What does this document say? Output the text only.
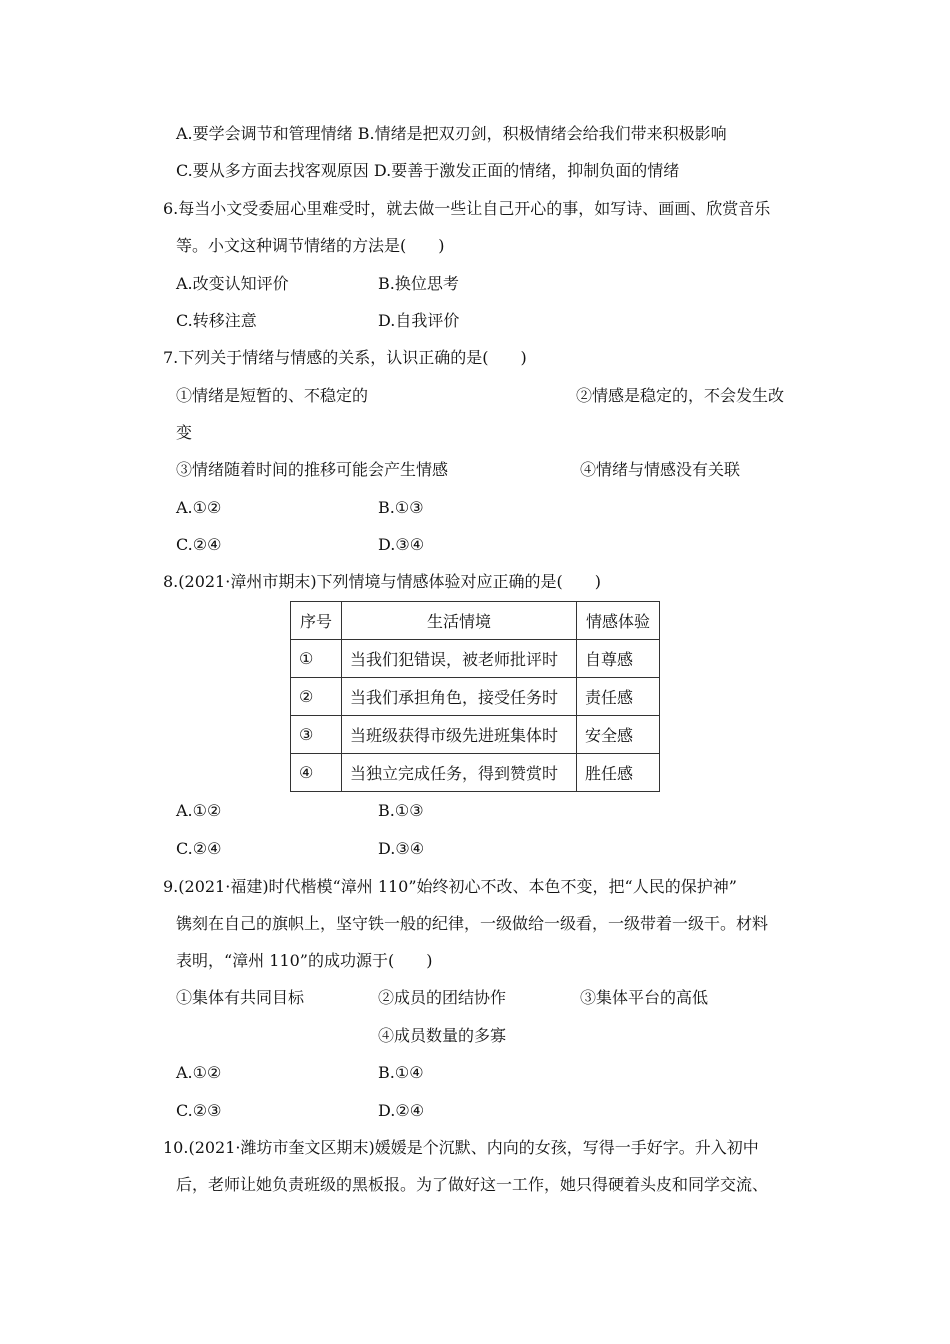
A.要学会调节和管理情绪 B.情绪是把双刃剑，积极情绪会给我们带来积极影响
C.要从多方面去找客观原因 D.要善于激发正面的情绪，抑制负面的情绪
6.每当小文受委屈心里难受时，就去做一些让自己开心的事，如写诗、画画、欣赏音乐
等。小文这种调节情绪的方法是(　　)
A.改变认知评价	B.换位思考
C.转移注意	D.自我评价
7.下列关于情绪与情感的关系，认识正确的是(　　)
①情绪是短暂的、不稳定的	②情感是稳定的，不会发生改
变
③情绪随着时间的推移可能会产生情感	④情绪与情感没有关联
A.①②	B.①③
C.②④	D.③④
8.(2021·漳州市期末)下列情境与情感体验对应正确的是(　　)
序号	生活情境	情感体验
①	当我们犯错误，被老师批评时	自尊感
②	当我们承担角色，接受任务时	责任感
③	当班级获得市级先进班集体时	安全感
④	当独立完成任务，得到赞赏时	胜任感
A.①②	B.①③
C.②④	D.③④
9.(2021·福建)时代楷模“漳州 110”始终初心不改、本色不变，把“人民的保护神”
镌刻在自己的旗帜上，坚守铁一般的纪律，一级做给一级看，一级带着一级干。材料
表明，“漳州 110”的成功源于(　　)
①集体有共同目标	②成员的团结协作	③集体平台的高低
④成员数量的多寡
A.①②	B.①④
C.②③	D.②④
10.(2021·潍坊市奎文区期末)媛媛是个沉默、内向的女孩，写得一手好字。升入初中
后，老师让她负责班级的黑板报。为了做好这一工作，她只得硬着头皮和同学交流、
